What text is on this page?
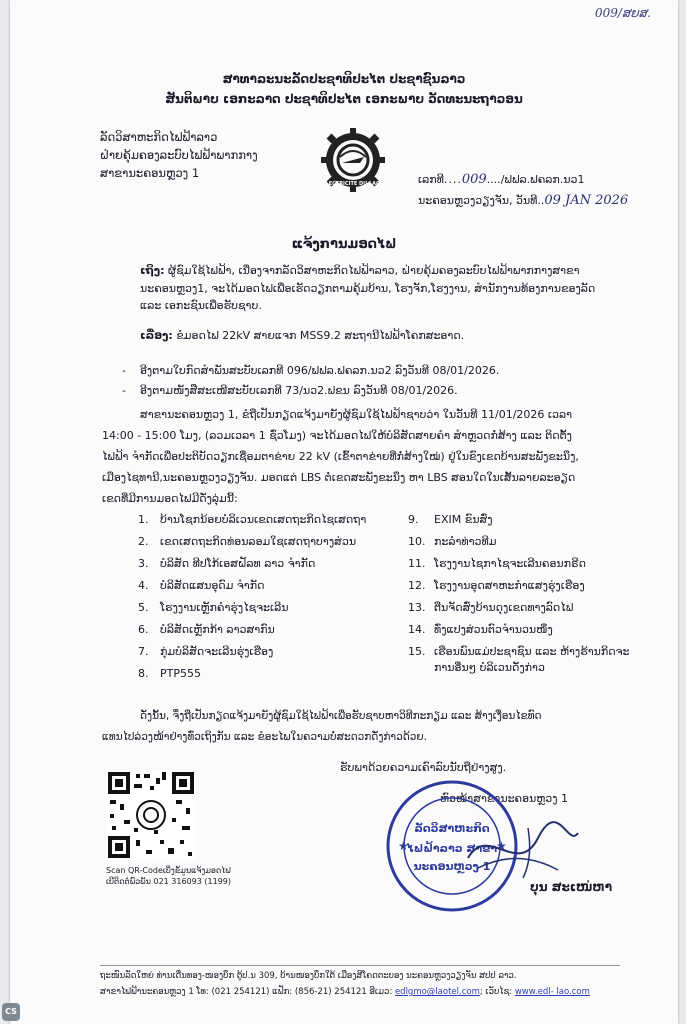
009/ສຍສ.
ສາທາລະນະລັດປະຊາທິປະໄຕ ປະຊາຊົນລາວ
ສັນຕິພາບ ເອກະລາດ ປະຊາທິປະໄຕ ເອກະພາບ ວັດທະນະຖາວອນ
ລັດວິສາຫະກິດໄຟຟ້າລາວ
ຝ່າຍຄຸ້ມຄອງລະບົບໄຟຟ້າພາກກາງ
ສາຂານະຄອນຫຼວງ 1
ELECTRICITE DU LAOS	ເລກທີ....009..../ຟຟລ.ຟຄລກ.ນວ1
ນະຄອນຫຼວງວຽງຈັນ, ວັນທີ..09 JAN 2026
ແຈ້ງການມອດໄຟ
ເຖິງ: ຜູ້ຊົມໃຊ້ໄຟຟ້າ, ເນື່ອງຈາກລັດວິສາຫະກິດໄຟຟ້າລາວ, ຝ່າຍຄຸ້ມຄອງລະບົບໄຟຟ້າພາກກາງສາຂານະຄອນຫຼວງ1, ຈະໄດ້ມອດໄຟເພື່ອເຮັດວຽກຕາມຄຸ້ມບ້ານ, ໂຮງຈັກ,ໂຮງງານ, ສຳນັກງານທ້ອງການຂອງລັດ ແລະ ເອກະຊົນເພື່ອຮັບຊາບ.
ເລື່ອງ: ຂໍມອດໄຟ 22kV ສາຍແຈກ MSS9.2 ສະຖານີໄຟຟ້າໂຄກສະອາດ.
-    ອີງຕາມໃບກົດສຳພັນສະບັບເລກທີ 096/ຟຟລ.ຟຄລກ.ນວ2 ລົງວັນທີ 08/01/2026.
-    ອີງຕາມໜັງສືສະເໜີສະບັບເລກທີ 73/ນວ2.ຟຂນ ລົງວັນທີ 08/01/2026.
ສາຂານະຄອນຫຼວງ 1, ຂໍຖືເປັນກຽດແຈ້ງມາຍັງຜູ້ຊົມໃຊ້ໄຟຟ້າຊາບວ່າ ໃນວັນທີ 11/01/2026 ເວລາ
14:00 - 15:00 ໂມງ, (ລວມເວລາ 1 ຊົ່ວໂມງ) ຈະໄດ້ມອດໄຟໃຫ້ບໍລິສັດສາຍຄຳ ສຳຫຼວດກໍ່ສ້າງ ແລະ ຕິດຕັ້ງ
ໄຟຟ້າ ຈຳກັດເພື່ອປະຕິບັດວຽກເຊື່ອມຕາຂ່າຍ 22 kV (ເຂົ້າຕາຂ່າຍທີ່ກໍ່ສ້າງໃໝ່) ຢູ່ໃນຂົງເຂດບ້ານສະພັງຂະນຶງ,
ເມືອງໄຊທານີ,ນະຄອນຫຼວງວຽງຈັນ. ມອດແຕ່ LBS ຕໍ່ເຂດສະພັງຂະນຶງ ຫາ LBS ສອນໃດໃນເສັ້ນລາຍລະອຽດ
ເຂດທີ່ມີການມອດໄຟມີດັ່ງລຸ່ມນີ້:
1.	ບ້ານໂຊກນ້ອຍບໍລິເວນເຂດເສດຖະກິດໄຊເສດຖາ
2.	ເຂດເສດຖະກິດທ່ອນລອມໃຊເສດຖາບາງສ່ວນ
3.	ບໍລິສັດ ທີປໂກ້ເອສຝັລທ ລາວ ຈຳກັດ
4.	ບໍລິສັດແສນອຸດົມ ຈຳກັດ
5.	ໂຮງງານເຫຼັກຄຳຮຸ່ງໄຊຈະເລີນ
6.	ບໍລິສັດເຫຼັກກ້າ ລາວສາກົນ
7.	ກຸ່ມບໍລິສັດຈະເລີນຮຸ່ງເຮືອງ
8.	PTP555
9.	EXIM ຂົນສົ່ງ
10. ກະລໍາທ່າວທີມ
11. ໂຮງງານໄຊກາໄຊຈະເລີນຄອນກຣີດ
12. ໂຮງງານອຸດສາຫະກຳແສງຮຸ່ງເຮືອງ
13. ຕືນຈັດສົ່ງບ້ານດຸງເຂດທາງລົດໄຟ
14. ທົ່ງແປງສ່ວນຕົວຈຳນວນໜຶ່ງ
15. ເຮືອນພົນແມ່ປະຊາຊົນ ແລະ ຫ້າງຮ້ານກິດຈະການອື່ນໆ ບໍລິເວນດັ່ງກ່າວ
ດັ່ງນັ້ນ, ຈຶ່ງຖືເປັນກຽດແຈ້ງມາຍັງຜູ້ຊົມໃຊ້ໄຟຟ້າເພື່ອຮັບຊາບຫາວິທີກະກຽມ ແລະ ສ້າງເງື່ອນໄຂທົດ
ແທນໄປລ່ວງໜ້າຢ່າງທົ່ວເຖິງກັນ ແລະ ຂໍອະໄພໃນຄວາມບໍ່ສະດວກດັ່ງກ່າວດ້ວຍ.
ຮັບພາດ້ວຍຄວາມເຄົາລົບນັບຖືຢ່າງສູງ.
ຫົວໜ້າສາຂານະຄອນຫຼວງ 1
★	★
ລັດວິສາຫະກິດ
ໄຟຟ້າລາວ ສາຂາ
ນະຄອນຫຼວງ 1
ບຸນ ສະເໜ່ຫາ
Scan QR-Codeເບິ່ງຂໍ້ມູນແຈ້ງມອດໄຟ
ເບີຕິດຕໍ່ພົວພັນ 021 316093 (1199)
ຖະໜົນລັດໃຫຍ່ ທ່ານເດີ່ນທອງ-ໜອງບຶກ ຕູ້ປ.ນ 309, ບ້ານໜອງບຶກໃຕ້ ເມືອງສີໂຄດຕະບອງ ນະຄອນຫຼວງວຽງຈັນ ສປປ ລາວ.
ສາຂາໄຟຟ້ານະຄອນຫຼວງ 1 ໂທ: (021 254121) ແຟັກ: (856-21) 254121 ອີເມວ: edlgmo@laotel.com; ເວັບໄຊ: www.edl- lao.com
CS
